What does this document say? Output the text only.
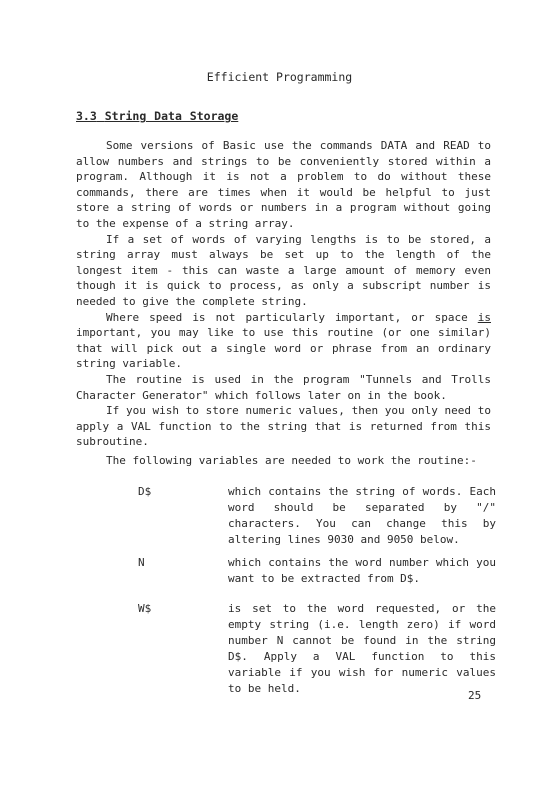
Efficient Programming
3.3 String Data Storage

Some versions of Basic use the commands DATA and READ to allow numbers and strings to be conveniently stored within a program. Although it is not a problem to do without these commands, there are times when it would be helpful to just store a string of words or numbers in a program without going to the expense of a string array.

If a set of words of varying lengths is to be stored, a string array must always be set up to the length of the longest item - this can waste a large amount of memory even though it is quick to process, as only a subscript number is needed to give the complete string.

Where speed is not particularly important, or space is important, you may like to use this routine (or one similar) that will pick out a single word or phrase from an ordinary string variable.

The routine is used in the program "Tunnels and Trolls Character Generator" which follows later on in the book.

If you wish to store numeric values, then you only need to apply a VAL function to the string that is returned from this subroutine.

The following variables are needed to work the routine:-
D$	which contains the string of words. Each word should be separated by "/" characters. You can change this by altering lines 9030 and 9050 below.
N	which contains the word number which you want to be extracted from D$.
W$	is set to the word requested, or the empty string (i.e. length zero) if word number N cannot be found in the string D$. Apply a VAL function to this variable if you wish for numeric values to be held.
25
